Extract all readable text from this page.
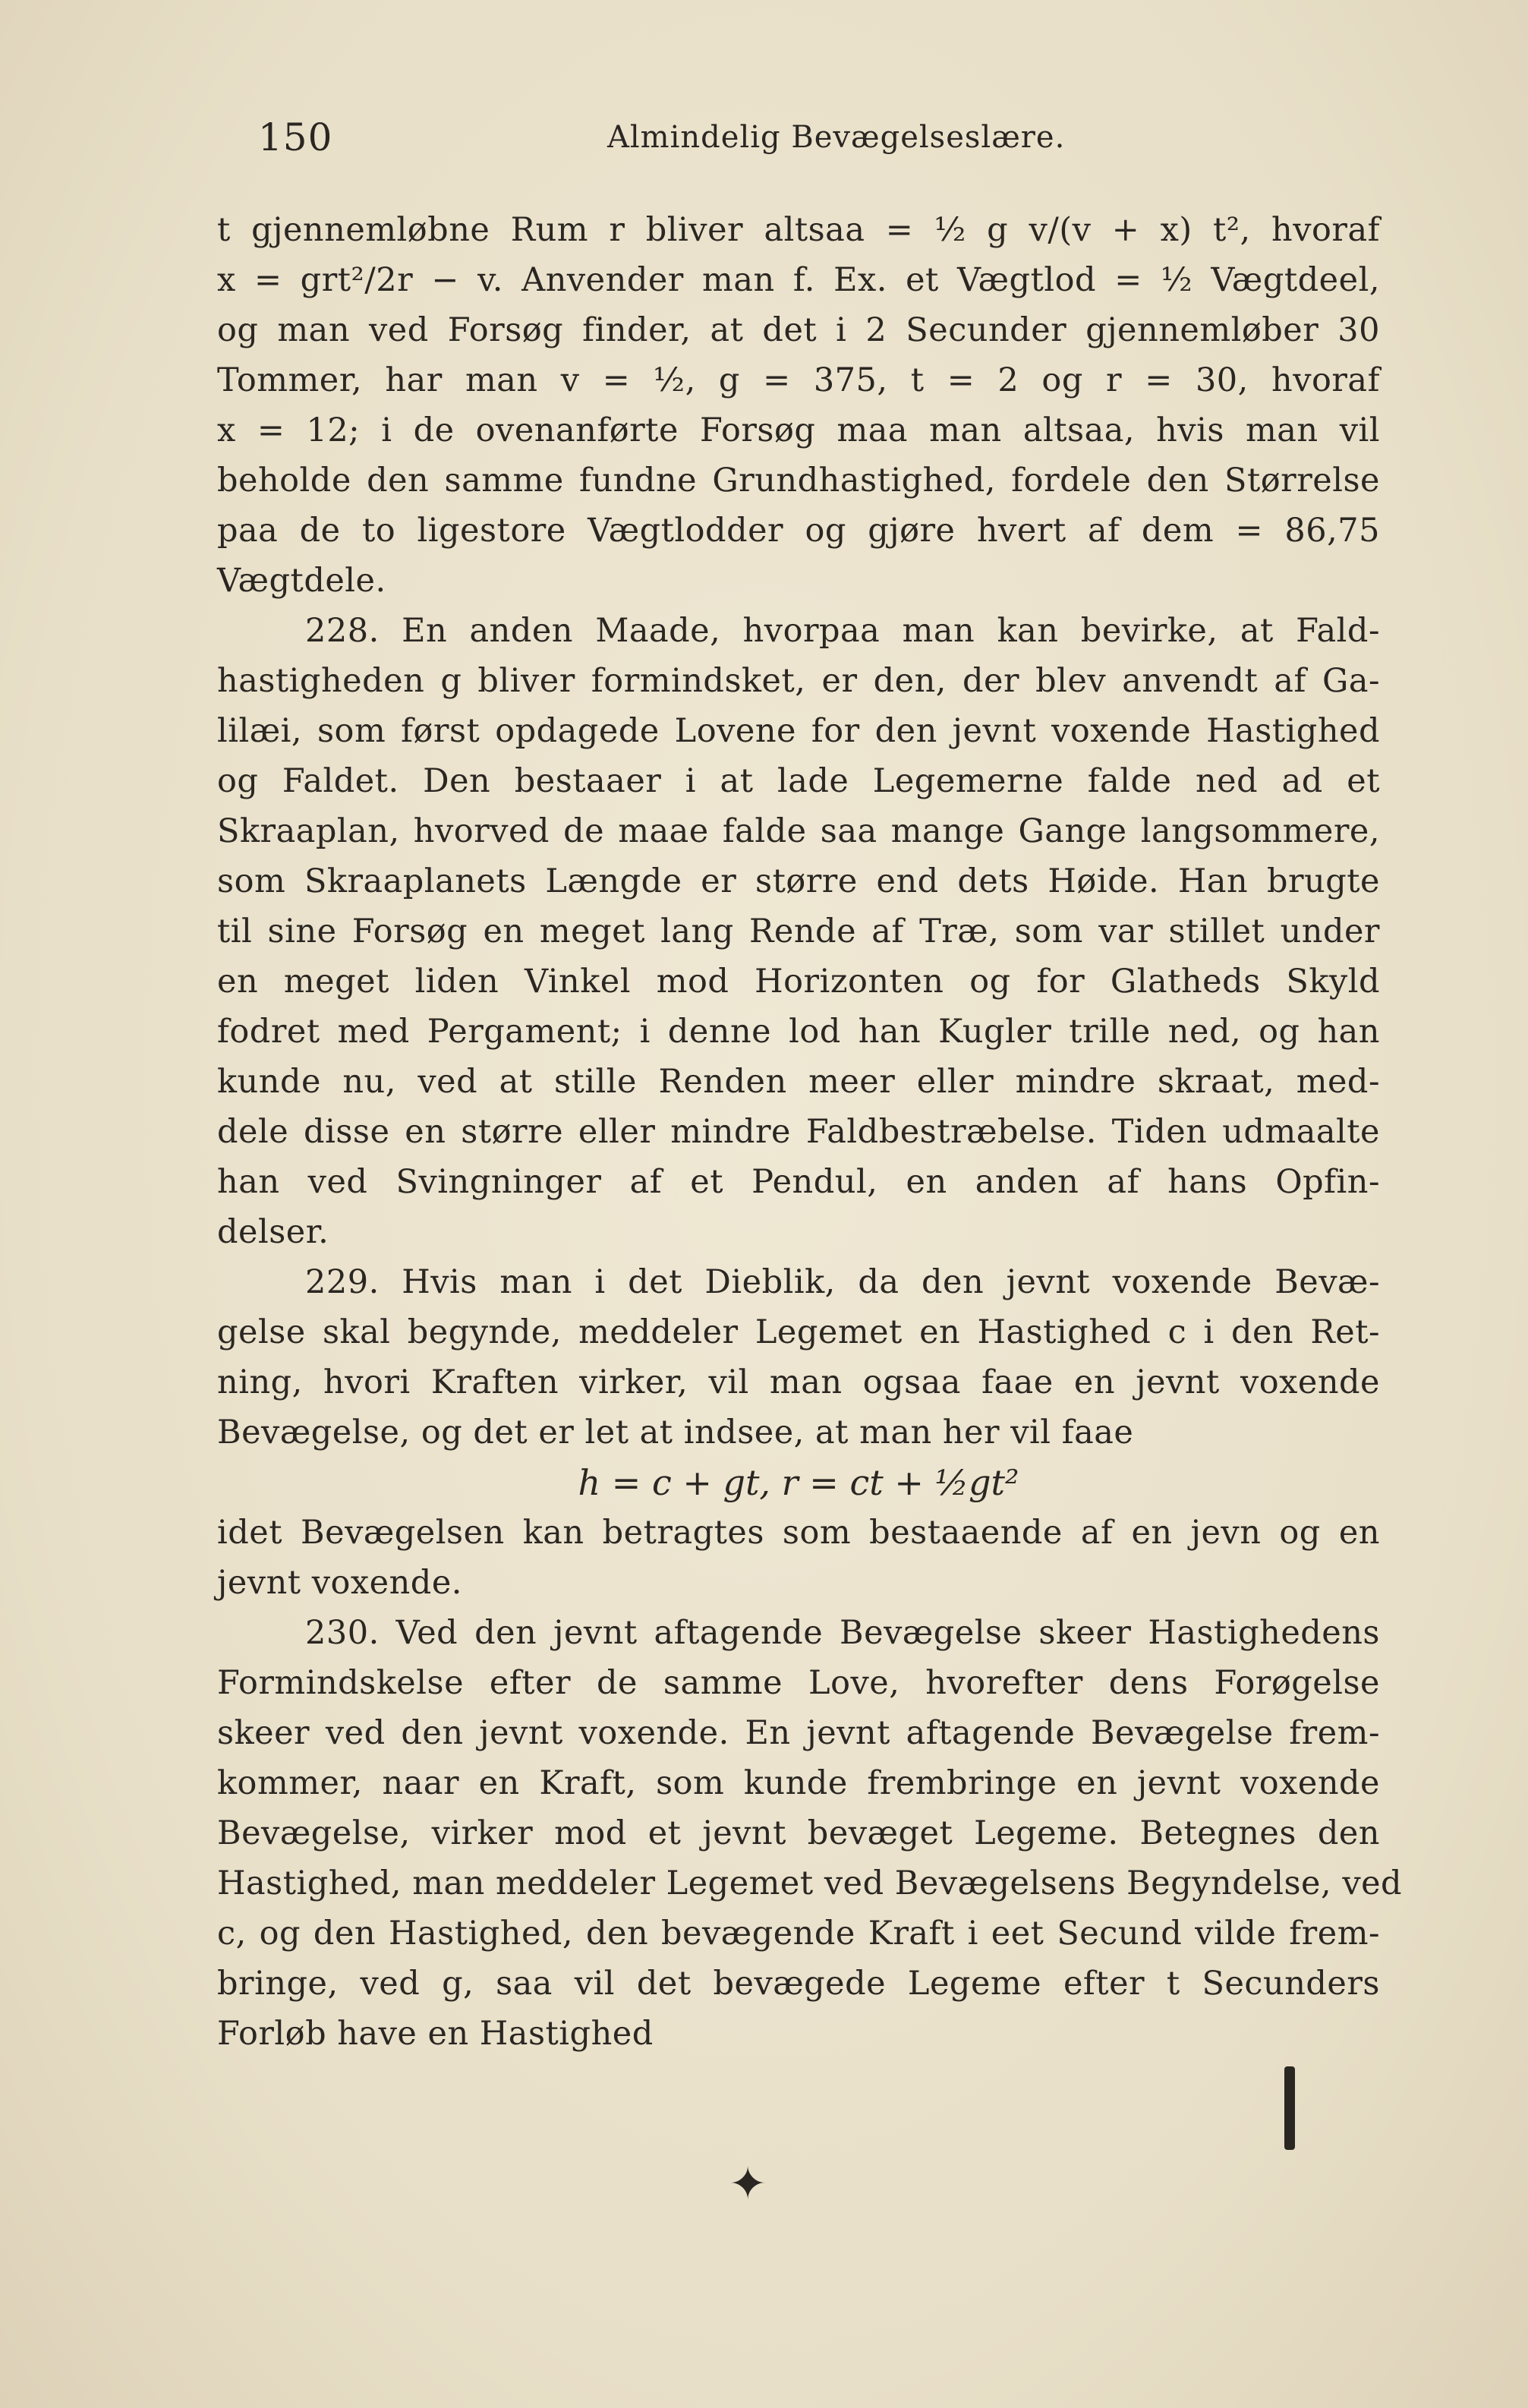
150	Almindelig Bevægelseslære.
t gjennemløbne Rum r bliver altsaa = ½ g v/(v + x) t², hvoraf
x = grt²/2r − v. Anvender man f. Ex. et Vægtlod = ½ Vægtdeel,
og man ved Forsøg finder, at det i 2 Secunder gjennemløber 30
Tommer, har man v = ½, g = 375, t = 2 og r = 30, hvoraf
x = 12; i de ovenanførte Forsøg maa man altsaa, hvis man vil
beholde den samme fundne Grundhastighed, fordele den Størrelse
paa de to ligestore Vægtlodder og gjøre hvert af dem = 86,75
Vægtdele.
228. En anden Maade, hvorpaa man kan bevirke, at Fald-
hastigheden g bliver formindsket, er den, der blev anvendt af Ga-
lilæi, som først opdagede Lovene for den jevnt voxende Hastighed
og Faldet. Den bestaaer i at lade Legemerne falde ned ad et
Skraaplan, hvorved de maae falde saa mange Gange langsommere,
som Skraaplanets Længde er større end dets Høide. Han brugte
til sine Forsøg en meget lang Rende af Træ, som var stillet under
en meget liden Vinkel mod Horizonten og for Glatheds Skyld
fodret med Pergament; i denne lod han Kugler trille ned, og han
kunde nu, ved at stille Renden meer eller mindre skraat, med-
dele disse en større eller mindre Faldbestræbelse. Tiden udmaalte
han ved Svingninger af et Pendul, en anden af hans Opfin-
delser.
229. Hvis man i det Dieblik, da den jevnt voxende Bevæ-
gelse skal begynde, meddeler Legemet en Hastighed c i den Ret-
ning, hvori Kraften virker, vil man ogsaa faae en jevnt voxende
Bevægelse, og det er let at indsee, at man her vil faae
h = c + gt, r = ct + ½gt²
idet Bevægelsen kan betragtes som bestaaende af en jevn og en
jevnt voxende.
230. Ved den jevnt aftagende Bevægelse skeer Hastighedens
Formindskelse efter de samme Love, hvorefter dens Forøgelse
skeer ved den jevnt voxende. En jevnt aftagende Bevægelse frem-
kommer, naar en Kraft, som kunde frembringe en jevnt voxende
Bevægelse, virker mod et jevnt bevæget Legeme. Betegnes den
Hastighed, man meddeler Legemet ved Bevægelsens Begyndelse, ved
c, og den Hastighed, den bevægende Kraft i eet Secund vilde frem-
bringe, ved g, saa vil det bevægede Legeme efter t Secunders
Forløb have en Hastighed
✦
